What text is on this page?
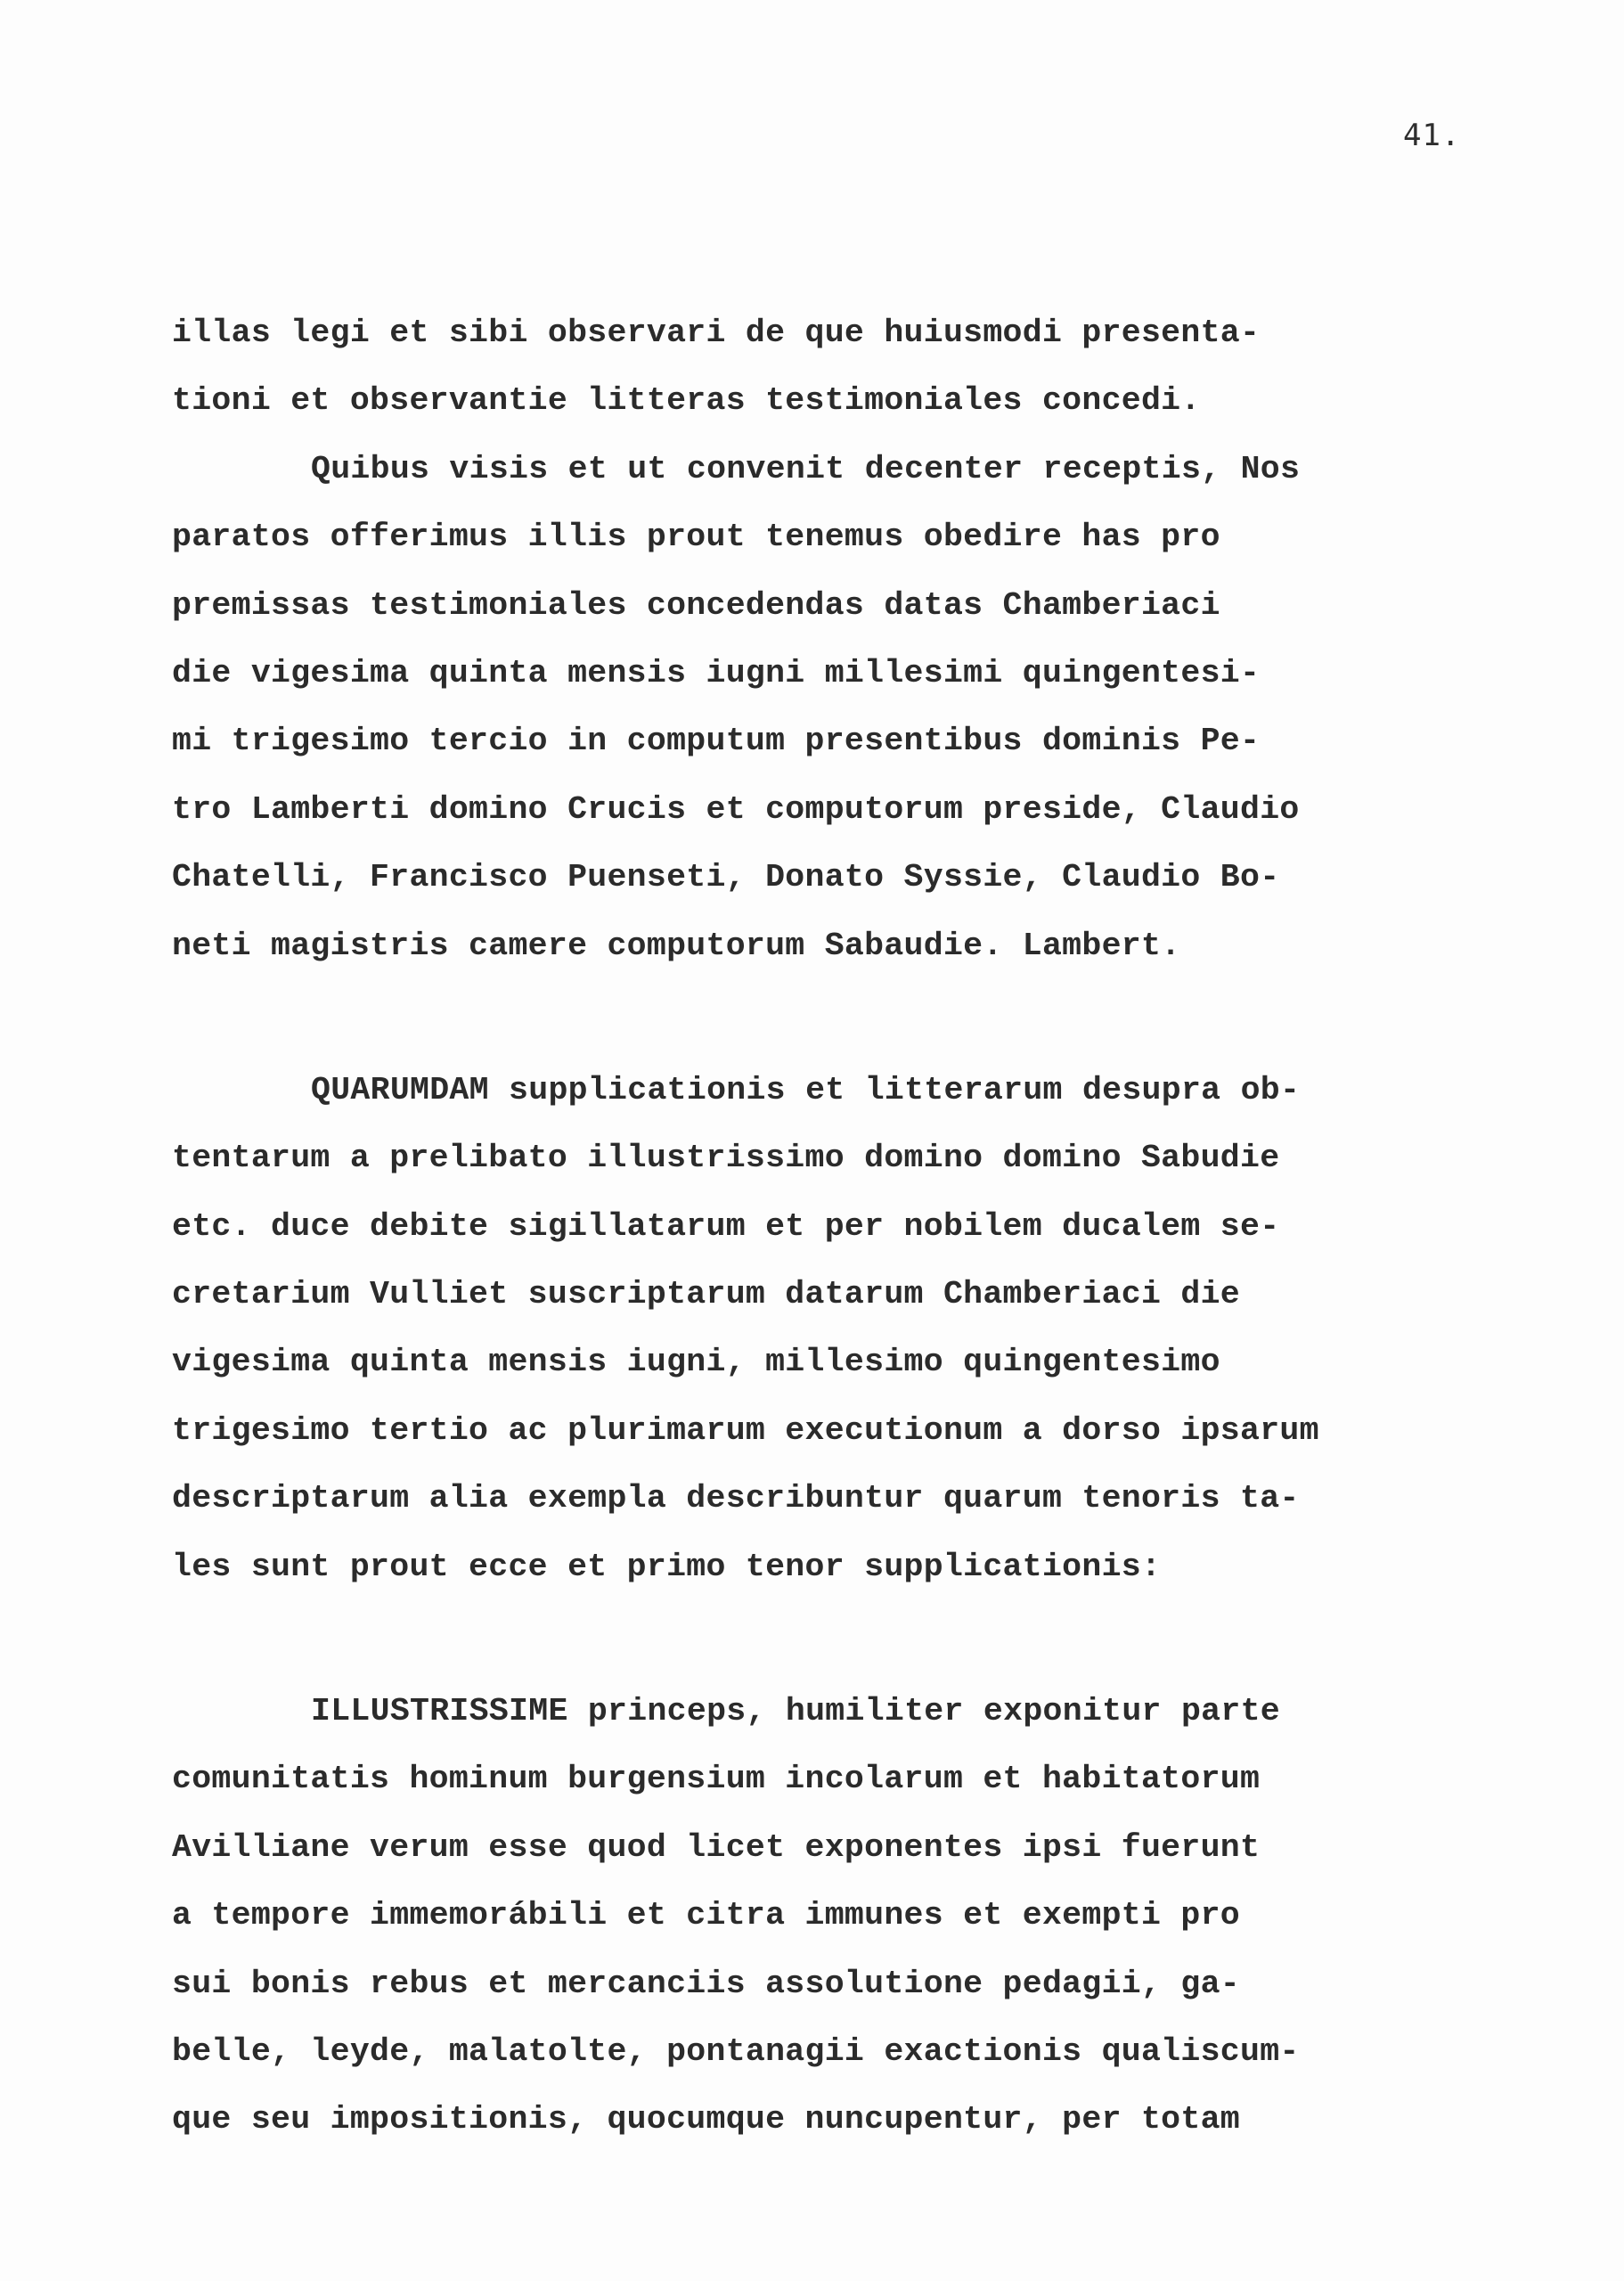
41.
illas legi et sibi observari de que huiusmodi presenta-
tioni et observantie litteras testimoniales concedi.
Quibus visis et ut convenit decenter receptis, Nos
paratos offerimus illis prout tenemus obedire has pro
premissas testimoniales concedendas datas Chamberiaci
die vigesima quinta mensis iugni millesimi quingentesi-
mi trigesimo tercio in computum presentibus dominis Pe-
tro Lamberti domino Crucis et computorum preside, Claudio
Chatelli, Francisco Puenseti, Donato Syssie, Claudio Bo-
neti magistris camere computorum Sabaudie. Lambert.
QUARUMDAM supplicationis et litterarum desupra ob-
tentarum a prelibato illustrissimo domino domino Sabudie
etc. duce debite sigillatarum et per nobilem ducalem se-
cretarium Vulliet suscriptarum datarum Chamberiaci die
vigesima quinta mensis iugni, millesimo quingentesimo
trigesimo tertio ac plurimarum executionum a dorso ipsarum
descriptarum alia exempla describuntur quarum tenoris ta-
les sunt prout ecce et primo tenor supplicationis:
ILLUSTRISSIME princeps, humiliter exponitur parte
comunitatis hominum burgensium incolarum et habitatorum
Avilliane verum esse quod licet exponentes ipsi fuerunt
a tempore immemorábili et citra immunes et exempti pro
sui bonis rebus et mercanciis assolutione pedagii, ga-
belle, leyde, malatolte, pontanagii exactionis qualiscum-
que seu impositionis, quocumque nuncupentur, per totam
